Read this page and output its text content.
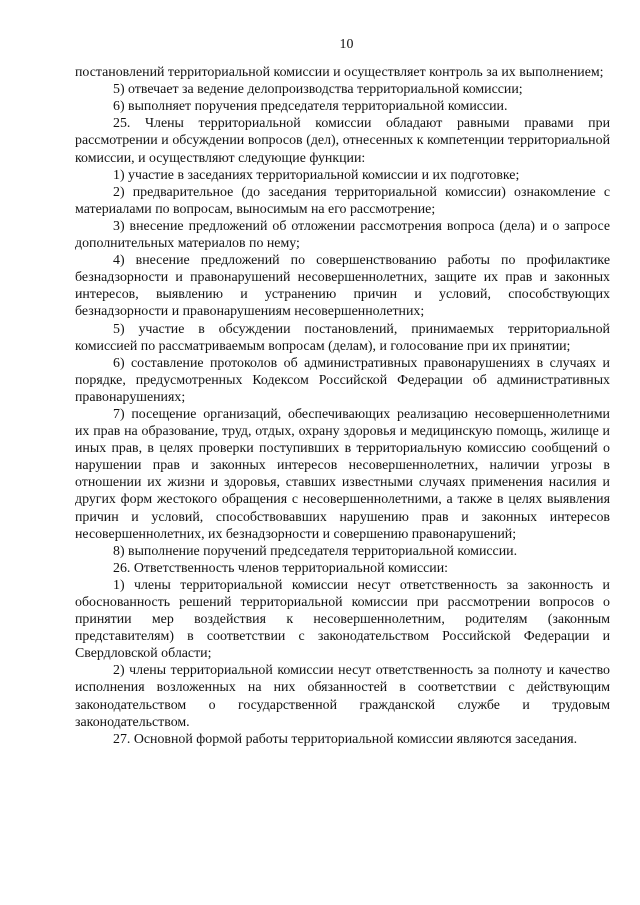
10

постановлений территориальной комиссии и осуществляет контроль за их выполнением;

5) отвечает за ведение делопроизводства территориальной комиссии;

6) выполняет поручения председателя территориальной комиссии.

25. Члены территориальной комиссии обладают равными правами при рассмотрении и обсуждении вопросов (дел), отнесенных к компетенции территориальной комиссии, и осуществляют следующие функции:

1) участие в заседаниях территориальной комиссии и их подготовке;

2) предварительное (до заседания территориальной комиссии) ознакомление с материалами по вопросам, выносимым на его рассмотрение;

3) внесение предложений об отложении рассмотрения вопроса (дела) и о запросе дополнительных материалов по нему;

4) внесение предложений по совершенствованию работы по профилактике безнадзорности и правонарушений несовершеннолетних, защите их прав и законных интересов, выявлению и устранению причин и условий, способствующих безнадзорности и правонарушениям несовершеннолетних;

5) участие в обсуждении постановлений, принимаемых территориальной комиссией по рассматриваемым вопросам (делам), и голосование при их принятии;

6) составление протоколов об административных правонарушениях в случаях и порядке, предусмотренных Кодексом Российской Федерации об административных правонарушениях;

7) посещение организаций, обеспечивающих реализацию несовершеннолетними их прав на образование, труд, отдых, охрану здоровья и медицинскую помощь, жилище и иных прав, в целях проверки поступивших в территориальную комиссию сообщений о нарушении прав и законных интересов несовершеннолетних, наличии угрозы в отношении их жизни и здоровья, ставших известными случаях применения насилия и других форм жестокого обращения с несовершеннолетними, а также в целях выявления причин и условий, способствовавших нарушению прав и законных интересов несовершеннолетних, их безнадзорности и совершению правонарушений;

8) выполнение поручений председателя территориальной комиссии.

26. Ответственность членов территориальной комиссии:

1) члены территориальной комиссии несут ответственность за законность и обоснованность решений территориальной комиссии при рассмотрении вопросов о принятии мер воздействия к несовершеннолетним, родителям (законным представителям) в соответствии с законодательством Российской Федерации и Свердловской области;

2) члены территориальной комиссии несут ответственность за полноту и качество исполнения возложенных на них обязанностей в соответствии с действующим законодательством о государственной гражданской службе и трудовым законодательством.

27. Основной формой работы территориальной комиссии являются заседания.
